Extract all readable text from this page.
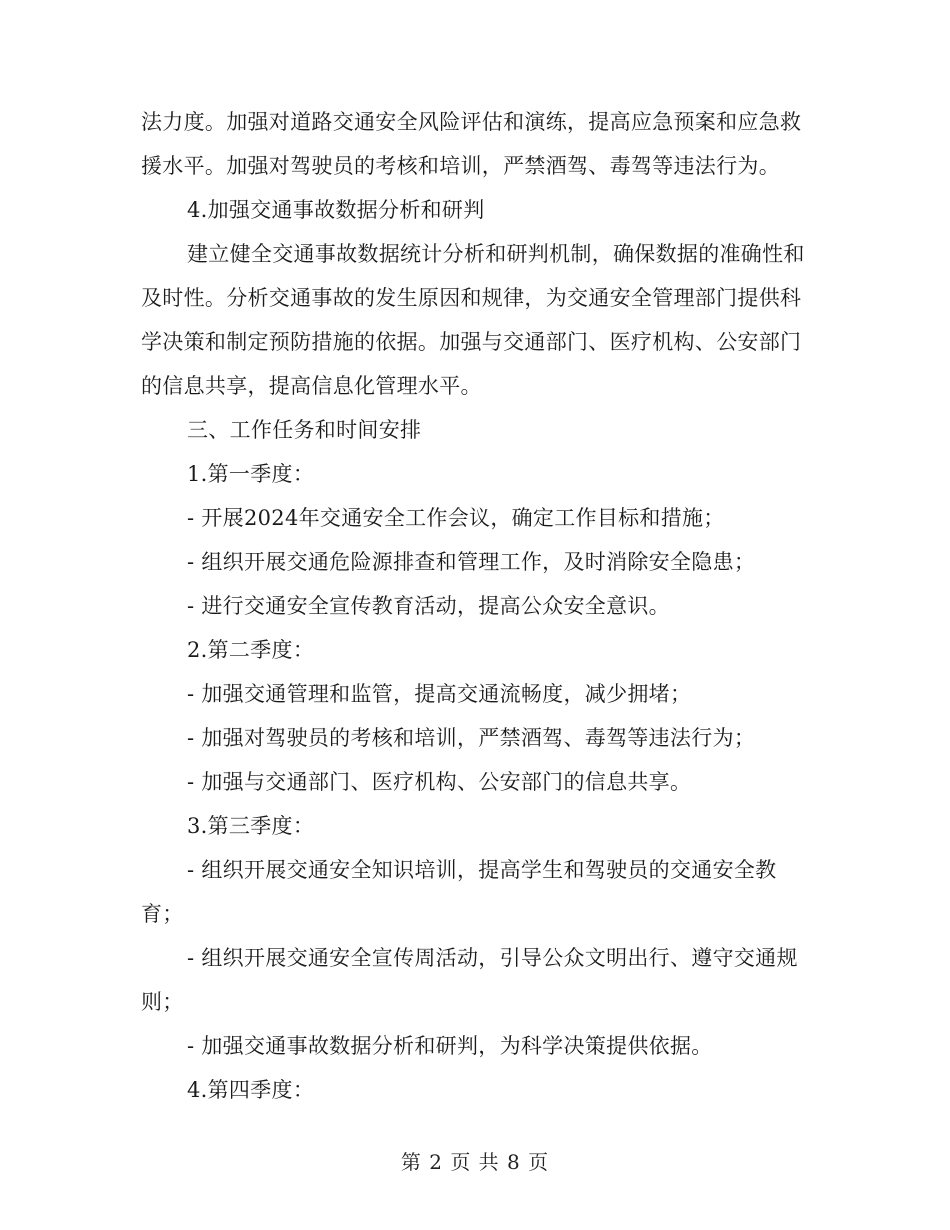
法力度。加强对道路交通安全风险评估和演练，提高应急预案和应急救援水平。加强对驾驶员的考核和培训，严禁酒驾、毒驾等违法行为。

4.加强交通事故数据分析和研判

建立健全交通事故数据统计分析和研判机制，确保数据的准确性和及时性。分析交通事故的发生原因和规律，为交通安全管理部门提供科学决策和制定预防措施的依据。加强与交通部门、医疗机构、公安部门的信息共享，提高信息化管理水平。

三、工作任务和时间安排

1.第一季度：

- 开展2024年交通安全工作会议，确定工作目标和措施；

- 组织开展交通危险源排查和管理工作，及时消除安全隐患；

- 进行交通安全宣传教育活动，提高公众安全意识。

2.第二季度：

- 加强交通管理和监管，提高交通流畅度，减少拥堵；

- 加强对驾驶员的考核和培训，严禁酒驾、毒驾等违法行为；

- 加强与交通部门、医疗机构、公安部门的信息共享。

3.第三季度：

- 组织开展交通安全知识培训，提高学生和驾驶员的交通安全教育；

- 组织开展交通安全宣传周活动，引导公众文明出行、遵守交通规则；

- 加强交通事故数据分析和研判，为科学决策提供依据。

4.第四季度：

第 2 页 共 8 页
